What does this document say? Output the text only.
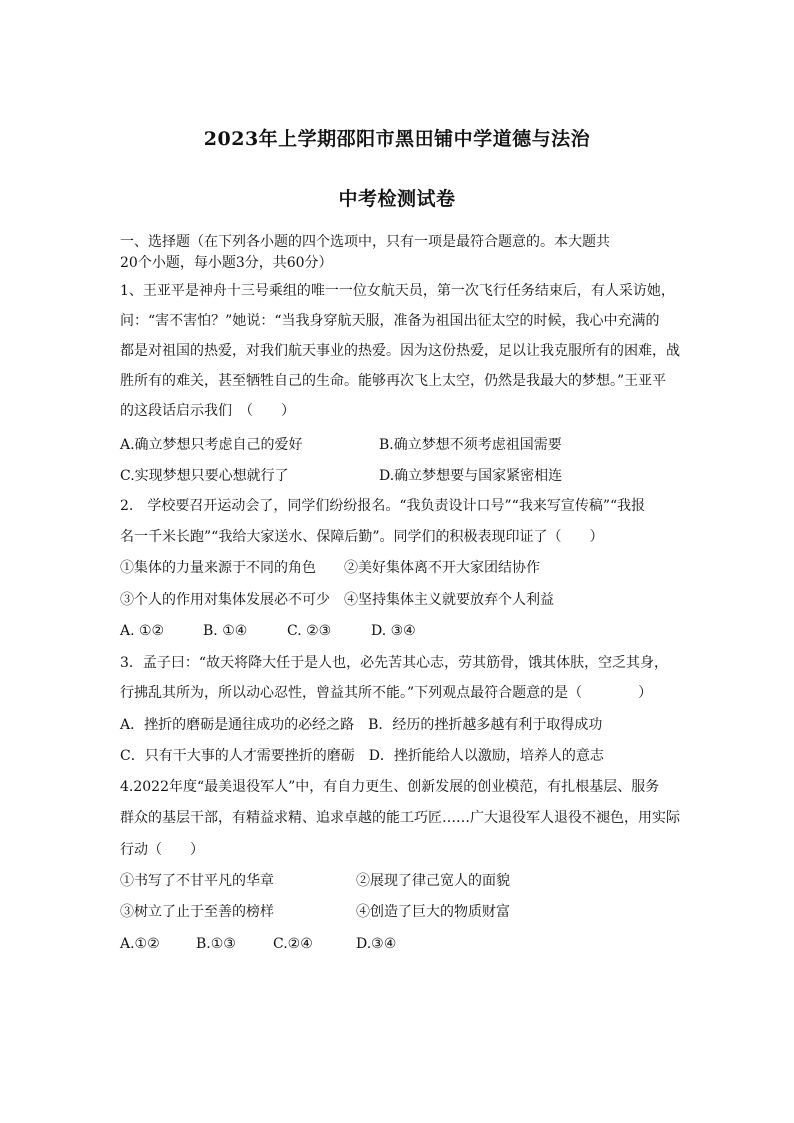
2023年上学期邵阳市黑田铺中学道德与法治
中考检测试卷
一、选择题（在下列各小题的四个选项中，只有一项是最符合题意的。本大题共
20个小题，每小题3分，共60分）
1、王亚平是神舟十三号乘组的唯一一位女航天员，第一次飞行任务结束后，有人采访她，
问：“害不害怕？”她说：“当我身穿航天服，准备为祖国出征太空的时候，我心中充满的
都是对祖国的热爱，对我们航天事业的热爱。因为这份热爱，足以让我克服所有的困难，战
胜所有的难关，甚至牺牲自己的生命。能够再次飞上太空，仍然是我最大的梦想。”王亚平
的这段话启示我们　（　　）
A.确立梦想只考虑自己的爱好	B.确立梦想不须考虑祖国需要
C.实现梦想只要心想就行了	D.确立梦想要与国家紧密相连
2.　学校要召开运动会了，同学们纷纷报名。“我负责设计口号”“我来写宣传稿”“我报
名一千米长跑”“我给大家送水、保障后勤”。同学们的积极表现印证了（　　）
①集体的力量来源于不同的角色　　②美好集体离不开大家团结协作
③个人的作用对集体发展必不可少　④坚持集体主义就要放弃个人利益
A. ①②	B. ①④	C. ②③	D. ③④
3．孟子曰：“故天将降大任于是人也，必先苦其心志，劳其筋骨，饿其体肤，空乏其身，
行拂乱其所为，所以动心忍性，曾益其所不能。”下列观点最符合题意的是（　　　　）
A．挫折的磨砺是通往成功的必经之路　B．经历的挫折越多越有利于取得成功
C．只有干大事的人才需要挫折的磨砺　D．挫折能给人以激励，培养人的意志
4.2022年度“最美退役军人”中，有自力更生、创新发展的创业模范，有扎根基层、服务
群众的基层干部，有精益求精、追求卓越的能工巧匠……广大退役军人退役不褪色，用实际
行动（　　）
①书写了不甘平凡的华章	②展现了律己宽人的面貌
③树立了止于至善的榜样	④创造了巨大的物质财富
A.①②	B.①③	C.②④	D.③④
